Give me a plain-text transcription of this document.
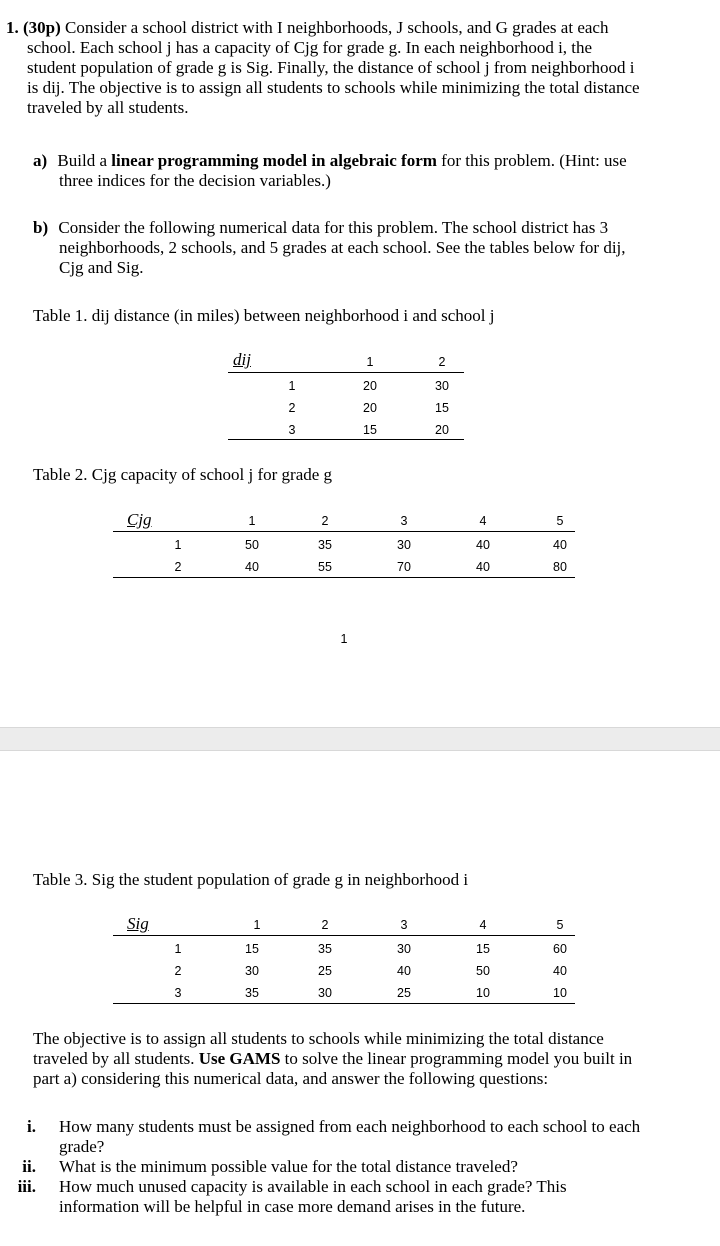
1. (30p) Consider a school district with I neighborhoods, J schools, and G grades at each
school. Each school j has a capacity of Cjg for grade g. In each neighborhood i, the
student population of grade g is Sig. Finally, the distance of school j from neighborhood i
is dij. The objective is to assign all students to schools while minimizing the total distance
traveled by all students.
a) Build a linear programming model in algebraic form for this problem. (Hint: use
three indices for the decision variables.)
b) Consider the following numerical data for this problem. The school district has 3
neighborhoods, 2 schools, and 5 grades at each school. See the tables below for dij,
Cjg and Sig.
Table 1. dij distance (in miles) between neighborhood i and school j
dij	1	2
1	20	30
2	20	15
3	15	20
Table 2. Cjg capacity of school j for grade g
Cjg	1	2	3	4	5
1	50	35	30	40	40
2	40	55	70	40	80
1
Table 3. Sig the student population of grade g in neighborhood i
Sig	1	2	3	4	5
1	15	35	30	15	60
2	30	25	40	50	40
3	35	30	25	10	10
The objective is to assign all students to schools while minimizing the total distance
traveled by all students. Use GAMS to solve the linear programming model you built in
part a) considering this numerical data, and answer the following questions:
i. How many students must be assigned from each neighborhood to each school to each
grade?
ii. What is the minimum possible value for the total distance traveled?
iii. How much unused capacity is available in each school in each grade? This
information will be helpful in case more demand arises in the future.
